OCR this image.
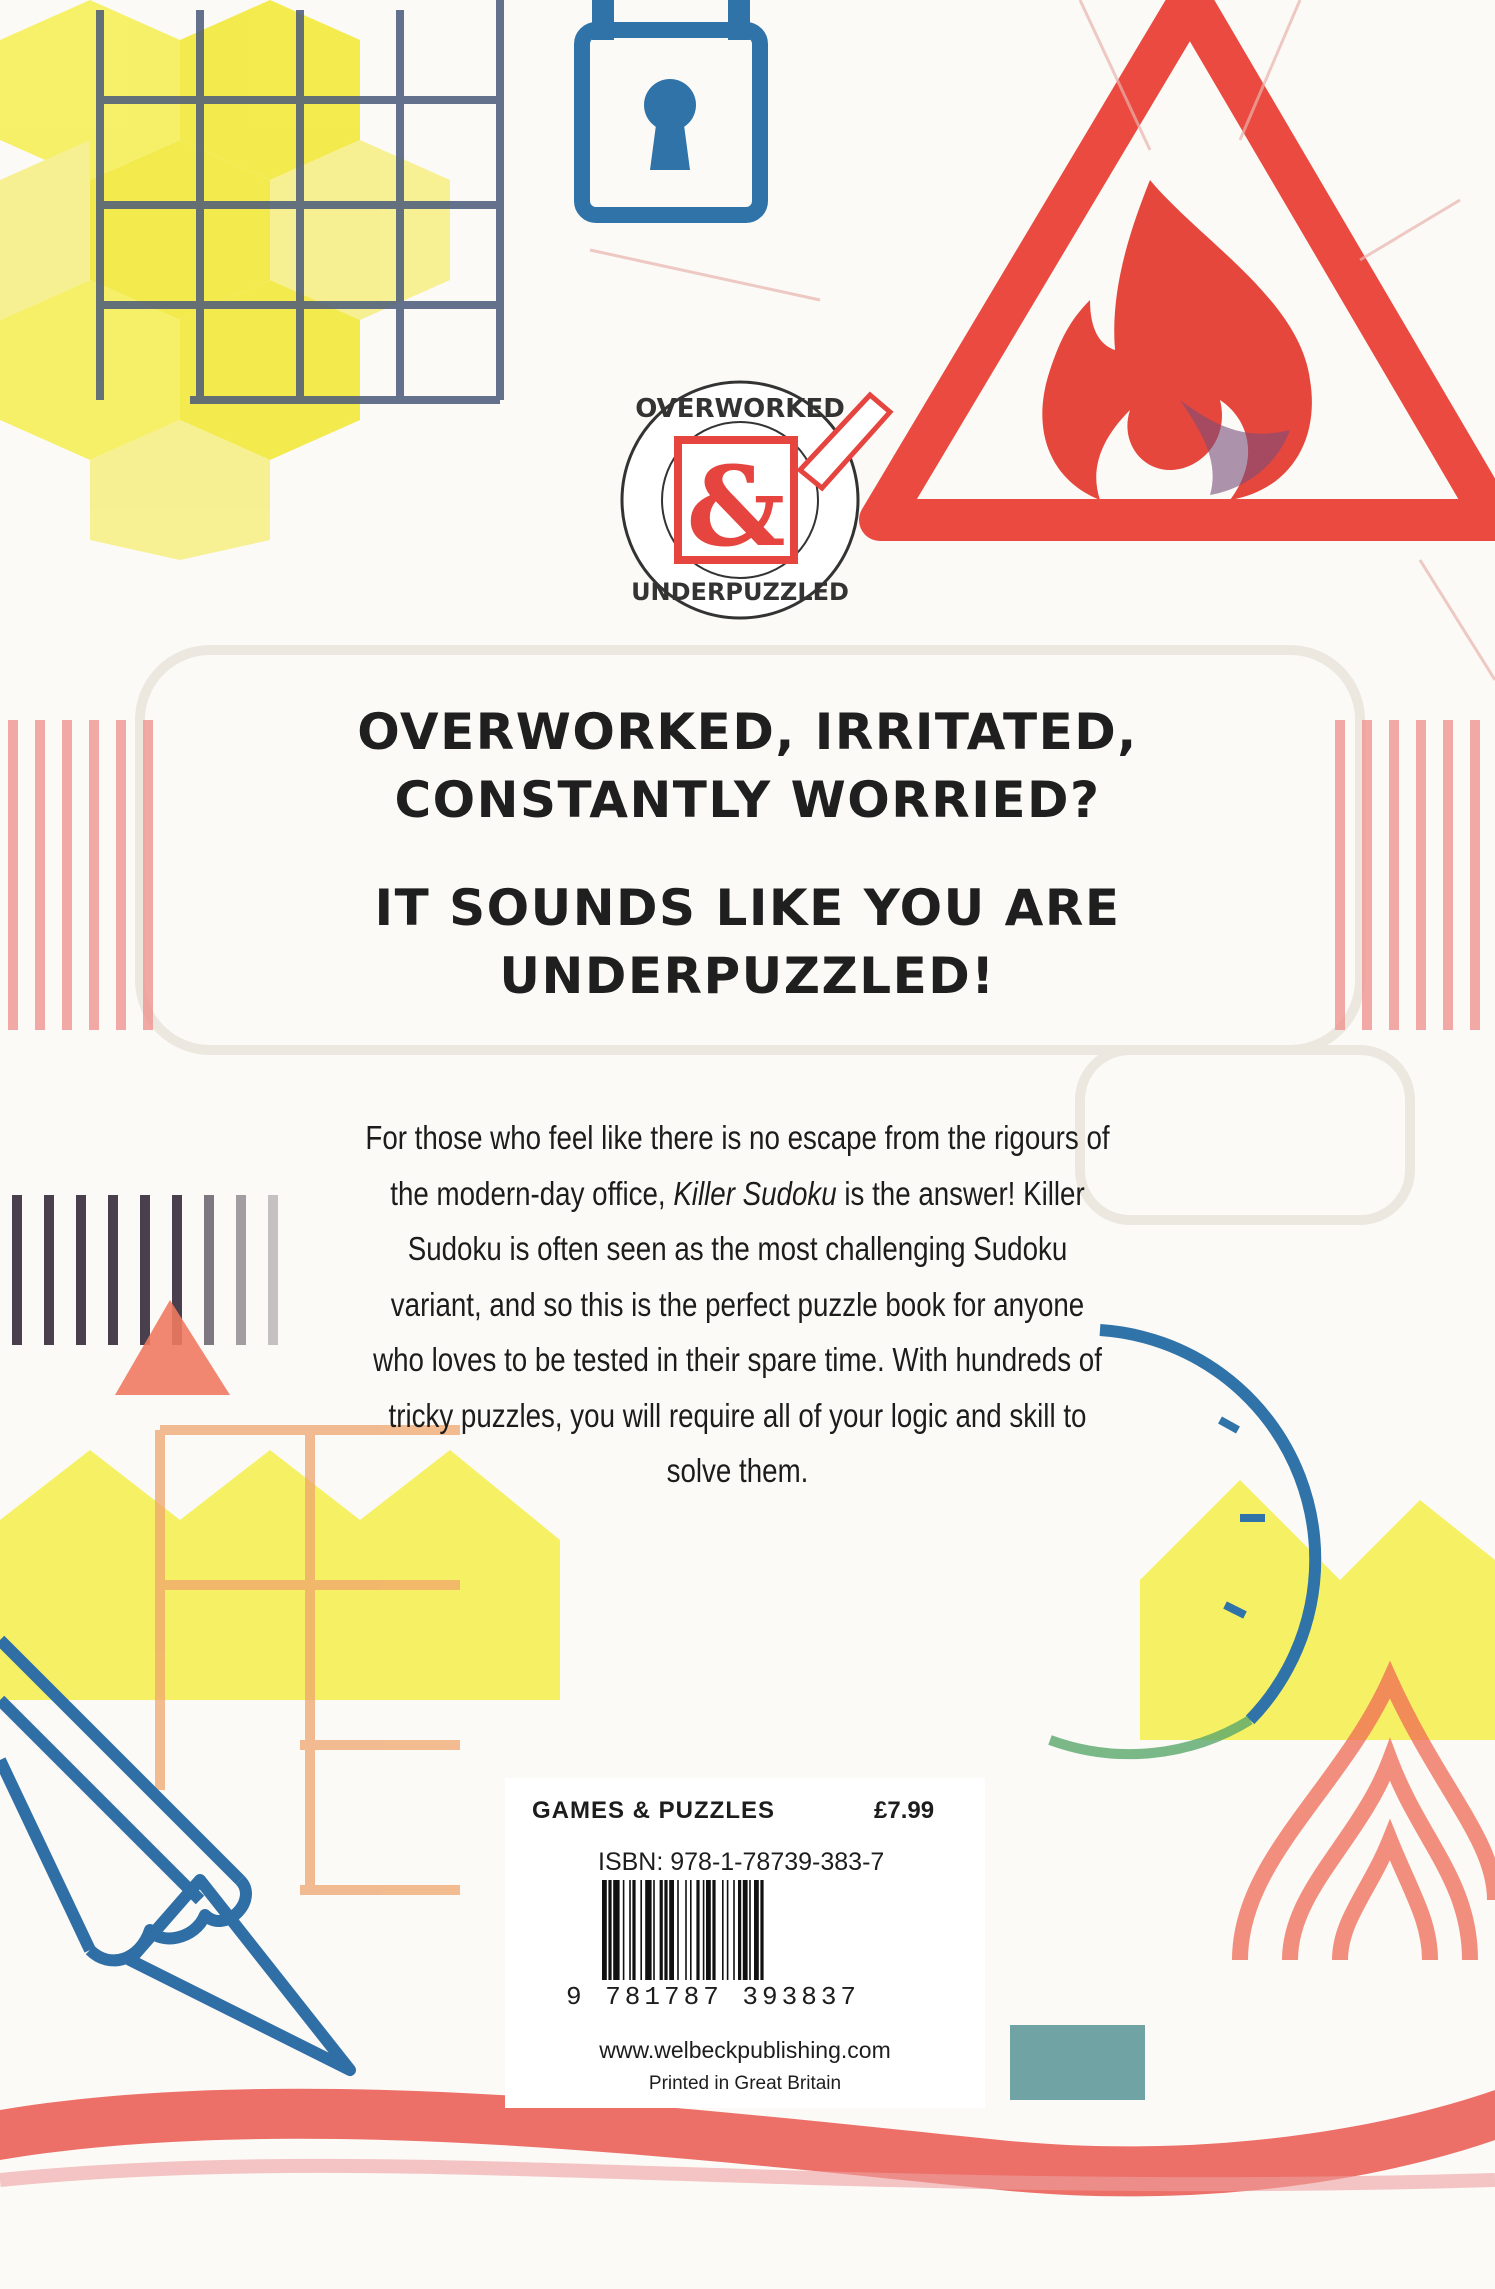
&
OVERWORKED
UNDERPUZZLED

OVERWORKED, IRRITATED,

CONSTANTLY WORRIED?

IT SOUNDS LIKE YOU ARE

UNDERPUZZLED!

For those who feel like there is no escape from the rigours of the modern-day office, Killer Sudoku is the answer! Killer Sudoku is often seen as the most challenging Sudoku variant, and so this is the perfect puzzle book for anyone who loves to be tested in their spare time. With hundreds of tricky puzzles, you will require all of your logic and skill to solve them.

GAMES & PUZZLES	£7.99
ISBN: 978-1-78739-383-7
9 781787 393837
www.welbeckpublishing.com
Printed in Great Britain
